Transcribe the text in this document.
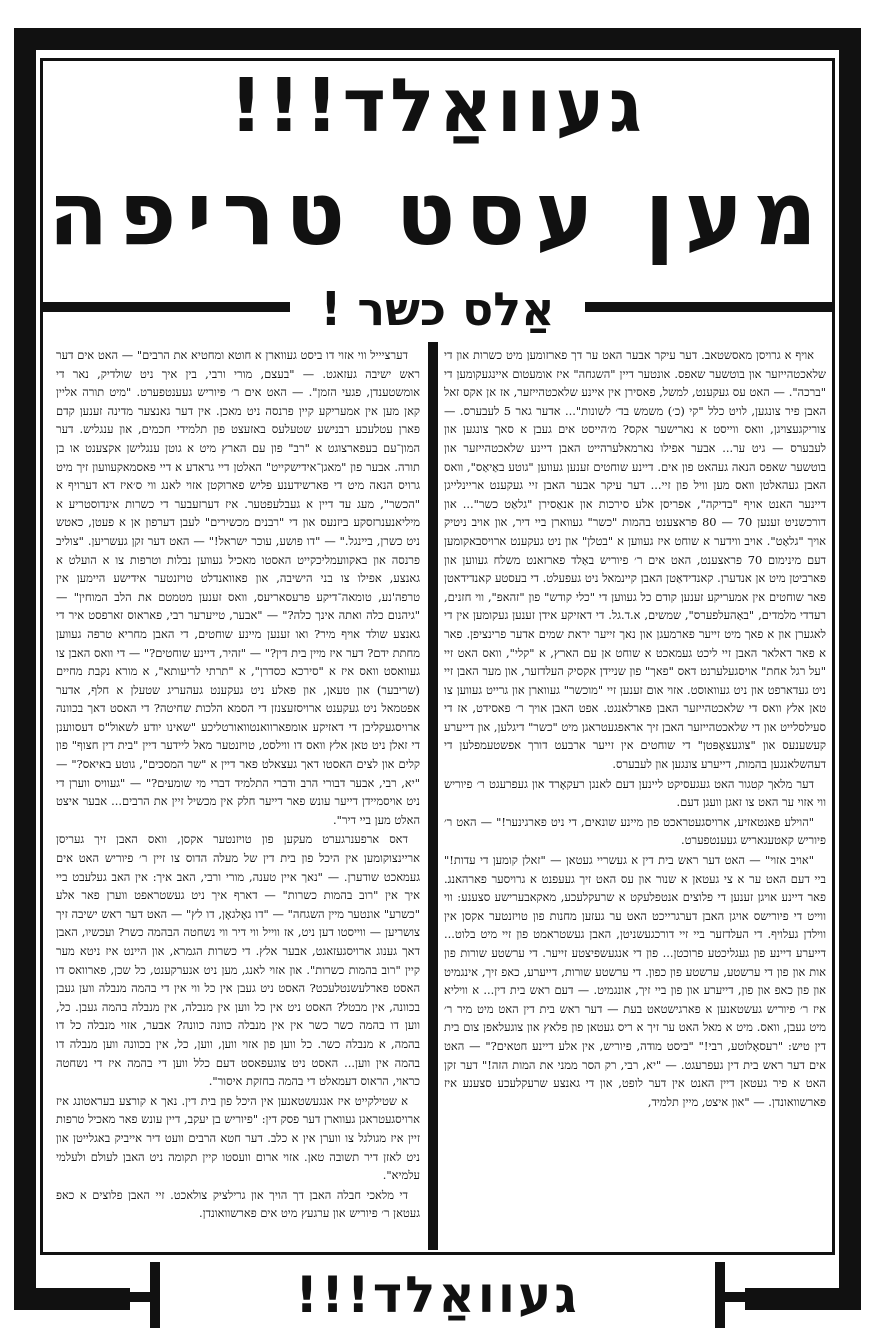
געוואַלד!!!
מען עסט טריפה
אַלס כשר !

אויף א גרויסן מאסשטאב. דער עיקר אבער האט ער דך פארזומען מיט כשרות און די שלאכטהייזער און בוטשער שאפס. אונטער דיין "השגחה" איז אומעטום איינגעקומען די "ברכה". — האט עס געקענט, למשל, פאסירן אין איינע שלאכטהייזער, אז אן אקס זאל האבן פיר צונגען, לויט כלל "קי (כ׳) משמש בד׳ לשונות"... אדער גאר 5 לעבערס. — צוריקגעצויגן, וואס ווייסט א נארישער אקס? מ׳הייסט אים געבן א סאך צונגען און לעבערס — גיט ער... אבער אפילו נארמאלערהייט האבן דיינע שלאכטהייזער און בוטשער שאפס הנאה געהאט פון אים. דיינע שוחטים זענען געווען "גוטע באַיאַס", וואס האבן געהאלטן וואס מען וויל פון זיי... דער עיקר אבער האבן זיי געקענט אריינלייגן דיינער האנט אויף "בדיקה", אפריסן אלע סירכות און אנאַסירן "גלאַט כשר"... און דורכשניט זענען 70 — 80 פראצענט בהמות "כשר" געווארן ביי דיר, און אויב ניטיק אויך "גלאַט". אויב ווידער א שוחט איז געווען א "בטלן" און ניט געקענט ארויסבאקומען דעם מינימום 70 פראצענט, האט אים ר׳ פיוריש באַלד פארזאנט משלח געווען און פארביטן מיט אן אנדערן. קאנדידאַטן האבן קיינמאל ניט געפעלט. די בעסטע קאנדידאטן פאר שוחטים אין אמעריקע זענען קודם כל געווען די "כלי קודש" פון "זהאפ", ווי חזנים, רעדדי מלמדים, "באַהעלפערס", שמשים, א.ד.גל. די דאזיקע אידן זענען געקומען אין די לאגערן און א פאך מיט זייער פארמעגן און נאך זייער יראת שמים אדער פרינציפן. פאר א פאר דאלאר האבן זיי ליכט געמאכט א שוחט אן עם הארץ, א "קלי", וואס האט זיי "על רגל אחת" אויסגעלערנט דאס "פאך" פון שניידן אקסיק העלדזער, און מער האבן זיי ניט געדארפט און ניט געוואוסט. אזוי אום זענען זיי "מוכשר" געווארן און גרייט געווען צו טאן אלץ וואס די שלאכטהייזער האבן פארלאנגט. אפט האבן אויך ר׳ פאסידט, אז די סעילסלייט און די שלאכטהייזער האבן זיך אראפגעטראגן מיט "כשר" דיגלען, און דייערע קעשענעס און "צוגעצאָפּטן" די שוחטים אין זייער ארבעט דורך אפשטעמפלען די דעהשלאנגען בהמות, דייערע צונגען און לעבערס.

דער מלאך קטגור האט געגעסיקט ליינען דעם לאנגן רעקאָרד און געפרעגט ר׳ פיוריש ווי אזוי ער האט צו זאגן וועגן דעם.

"הוילע פאנטאזיע, ארויסגעטראכט פון מיינע שונאים, די ניט פארגינער!" — האט ר׳ פיוריש קאטעגאריש געענטפערט.

"אויב אזוי" — האט דער ראש בית דין א געשריי געטאן — "זאלן קומען די עדות!" ביי דעם האט ער א צי געטאן א שנור און עס האט זיך געעפנט א גרויסער פארהאנג. פאר דיינע אויגן זענען די פלוצים אנטפלעקט א שרעקלעכע, מאקאבערישע סצענע: ווי ווייט די פיורישס אויגן האבן דערגרייכט האט ער געזען מחנות פון טויזנטער אקסן אין ווילדן געלויף. די העלדזער ביי זיי דורכגעשניטן, האבן געשטראמט פון זיי מיט בלוט... דייערע דיינע פון געגליכטע פרוכטן... פון די אנגעשפיצטע זייער. די ערשטע שורות פון אות און פון די ערשטע, ערשטע פון כפון. די ערשטע שורות, דייערע, כאפ זיך, אינגמיט און פון כאפ און פון, דייערע און פון ביי זיך, אונגמיט. — דעם ראש בית דין... א וויליא איז ר׳ פיוריש געשטאנען א פארגישטאט בעת — דער ראש בית דין האט מיט מיר ר׳ מיט געבן, וואס. מיט א מאל האט ער זיך א ריס געטאן פון פלאץ און צוגעלאפן צום בית דין טיש: "רעסאָלוטע, רבי!" "ביסט מודה, פיוריש, אין אלע דיינע חטאים?" — האט אים דער ראש בית דין געפרעגט. — "יא, רבי, רק הסר ממני את המות הזה!" דער זקן האט א פיר געטאן דיין האנט אין דער לופט, און די גאנצע שרעקלעכע סצענע איז פארשוואונדן. — "און איצט, מיין תלמיד,

דערציייל ווי אזוי דו ביסט געווארן א חוטא ומחטיא את הרבים" — האט אים דער ראש ישיבה געזאגט. — "בעצם, מורי ורבי, בין איך ניט שולדיק, נאר די אומשטענדן, פגעי הזמן". — האט אים ר׳ פיוריש געענטפערט. "מיט תורה אליין קאן מען אין אמעריקע קיין פרנסה ניט מאכן. אין דער גאנצער מדינה זענען קדם פארן עטלעכע רבנישע שטעלעס באזעצט פון תלמידי חכמים, און ענגליש. דער המון־עם בעפארצוגט א "רב" פון עם הארץ מיט א גוטן ענגלישן אקצענט או בן תורה. אבער פון "מאגן־אידישקייט" האלטן דיי גראדע א דיי פאסמאקעוועון זיך מיט גרויס הנאה מיט די פארשידענע פליש פארוקטן אזוי לאנג ווי ס׳איז דא דערויף א "הכשר", מעג עד דיין א געבלעפטער. איז דערזעבער די כשרות אינדוסטריע א מיליאנענרזסקע ביזנעס און די "רבנים מכשירים" לעבן דערפון אן א פעטן, כאטש ניט כשרן, ביינגל." — "דו פושע, עוכר ישראל!" — האט דער זקן געשריען. "צוליב פרנסה און באקוועמליכקייט האסטו מאכיל געווען נבלות וטרפות צו א הועלט א גאנצע, אפילו צו בני הישיבה, און פאוואנדלט טויזנטער אידישע היימען אין טרפה'נע, טומאה־דיקע פרעסאריעס, וואס זענען מטמטם את הלב המוחין" — "גיהנום כלה ואתה אינך כלה?" — "אבער, טייערער רבי, פאראוס זארפסט איר די גאנצע שולד אויף מיר? ואו זענען מיינע שוחטים, די האבן מחריא טרפה געווען מחתת ידם? דער איז מיין בית דין?" — "זהיר, דיינע שוחטים?" — די וואס האבן צו געוואסט וואס איז א "סירכא כסדרן", א "תרתי לריעותא", א מורא נקבת מחיים (שריבער) און טעאן, און פאלע ניט געקענט געהעריג שטעלן א חלף, אדער אפטמאל ניט געקענט ארויסזעצנזן די הסמא הלכות שחיטה? די האסט דאך בכוונה ארויסגעקליבן די דאזיקע אומפארוואנטוואורטליכע "שאינו יודע לשאול"ס דעסווענן די זאלן ניט טאן אלץ וואס דו ווילסט, טויזנטער מאל ליידער דיין "בית דין חצוף" פון קלים און לצים האסטו דאך געצאלט פאר דיין א "שר המסכים", גוטע באיאס?" — "יא, רבי, אבער דבורי הרב ודברי התלמיד דברי מי שומעים?" — "געוויס ווערן די ניט אויסמיידן דייער עונש פאר דייער חלק אין מכשיל זיין את הרבים... אבער איצט האלט מען ביי דיר".

דאס ארפענרגערט מעקען פון טויזנטער אקסן, וואס האבן זיך געריסן אריינצוקומען אין היכל פון בית דין של מעלה הדוס צו זיין ר׳ פיוריש האט אים געמאכט שודערן. — "נאך איין טענה, מורי ורבי, האב איך: אין האב געלעבט ביי איך אין "רוב בהמות כשרות" — דארף איך ניט געשטראפט ווערן פאר אלע "כשרע" אונטער מיין השגחה" — "דו גאָלגאָן, דו לץ" — האט דער ראש ישיבה זיך צושריען — ווייסטו דען ניט, אז ווייל ווי דיר ווי נשחטה הבהמה כשר? ועכשיו, האבן דאך גענוג ארויסגעזאגט, אבער אלץ. די כשרות הגמרא, און היינט איז ניטא מער קיין "רוב בהמות כשרות". און אזוי לאנג, מען ניט אנערקענט, כל שכן, פארוואס דו האסט פארלעשנטלעכט? האסט ניט געבן אין כל ווי אין די בהמה מנבלה ווען געבן בכוונה, אין מבטל? האסט ניט אין כל ווען אין מנבלה, אין מנבלה בהמה געבן. כל, ווען דו בהמה כשר כשר אין אין מנבלה כוונה כוונה? אבער, אזוי מנבלה כל דו בהמה, א מנבלה כשר. כל ווען פון אזוי ווען, ווען, כל, אין בכוונה ווען מנבלה דו בהמה אין ווען... האסט ניט צוגעפאסט דעם כלל ווען די בהמה איז די נשחטה כראוי, הראוס דעמאלט די בהמה בחזקת איסור".

א שטילקייט איז אנגעשטאנען אין היכל פון בית דין. נאך א קורצע בעראטונג איז ארויסגעטראגן געווארן דער פסק דין: "פיוריש בן יעקב, דיין עונש פאר מאכיל טרפות זיין איז מגולגל צו ווערן אין א כלב. דער חטא הרבים וועט דיר אייביק באגלייטן און ניט לאזן דיר תשובה טאן. אזוי ארום וועסטו קיין תקומה ניט האבן לעולם ולעלמי עלמיא".

די מלאכי חבלה האבן דך הויך און גרילציק צולאכט. זיי האבן פלוצים א כאפ געטאן ר׳ פיוריש און ערגעץ מיט אים פארשוואונדן.

געוואַלד!!!
